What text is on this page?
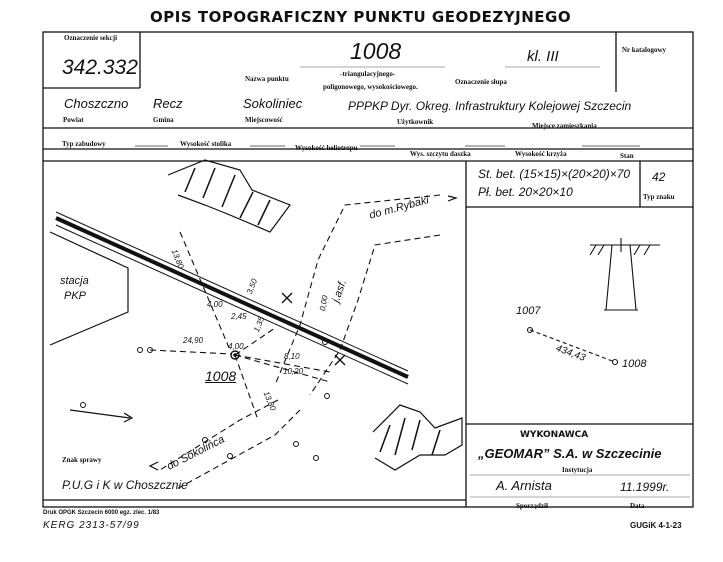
OPIS TOPOGRAFICZNY PUNKTU GEODEZYJNEGO
Oznaczenie sekcji
342.332
1008	kl. III	Nr katalogowy
Nazwa punktu
-triangulacyjnego-
poligonowego, wysokościowego.
Oznaczenie słupa
Choszczno Recz	Sokoliniec	PPPKP Dyr. Okreg. Infrastruktury Kolejowej Szczecin
Powiat	Gmina	Miejscowość	Użytkownik	Miejsce zamieszkania
Typ zabudowy	Wysokość stolika	Wysokość heliotropu
Wys. szczytu daszka	Wysokość krzyża	Stan
stacja
PKP
do m.Rybaki
j.asf.
do Sokolińca
1008
13,80
4,00
3,50
2,45 1,35
24,90
4,00
8,10
10,20
13,80
0,00
St. bet. (15×15)×(20×20)×70
Pł. bet. 20×20×10
42
Typ znaku
1007
1008
434,43
WYKONAWCA
„GEOMAR” S.A. w Szczecinie
Instytucja
A. Arnista	11.1999r.
Sporządził	Data
Znak sprawy
P.U.G i K w Choszcznie
Druk OPGK Szczecin 6000 egz. zlec. 1/83
KERG 2313-57/99	GUGiK 4-1-23
